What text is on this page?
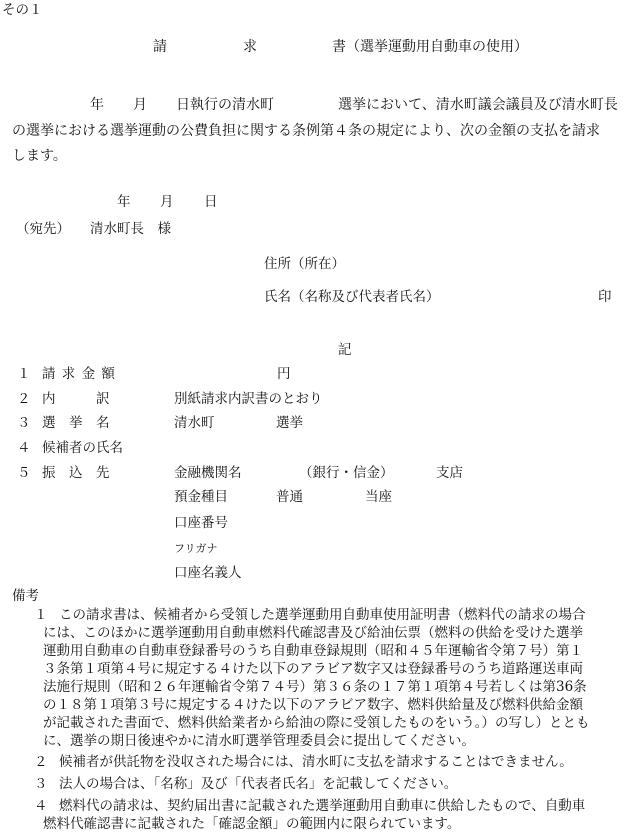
その１
請	求	書（選挙運動用自動車の使用）
年 月 日執行の清水町	選挙において、清水町議会議員及び清水町長
の選挙における選挙運動の公費負担に関する条例第４条の規定により、次の金額の支払を請求
します。
年 月 日
（宛先） 清水町長　様
住所（所在）
氏名（名称及び代表者氏名）	印
記
１ 請 求 金 額	円
２ 内　　　訳	別紙請求内訳書のとおり
３ 選　挙　名	清水町	選挙
４ 候補者の氏名
５ 振　込　先	金融機関名	（銀行・信金）	支店
預金種目	普通	当座
口座番号
フリガナ
口座名義人
備考
１ この請求書は、候補者から受領した選挙運動用自動車使用証明書（燃料代の請求の場合
には、このほかに選挙運動用自動車燃料代確認書及び給油伝票（燃料の供給を受けた選挙
運動用自動車の自動車登録番号のうち自動車登録規則（昭和４５年運輸省令第７号）第１
３条第１項第４号に規定する４けた以下のアラビア数字又は登録番号のうち道路運送車両
法施行規則（昭和２６年運輸省令第７４号）第３６条の１７第１項第４号若しくは第36条
の１８第１項第３号に規定する４けた以下のアラビア数字、燃料供給量及び燃料供給金額
が記載された書面で、燃料供給業者から給油の際に受領したものをいう。）の写し）ととも
に、選挙の期日後速やかに清水町選挙管理委員会に提出してください。
２ 候補者が供託物を没収された場合には、清水町に支払を請求することはできません。
３ 法人の場合は、「名称」及び「代表者氏名」を記載してください。
４ 燃料代の請求は、契約届出書に記載された選挙運動用自動車に供給したもので、自動車
燃料代確認書に記載された「確認金額」の範囲内に限られています。
